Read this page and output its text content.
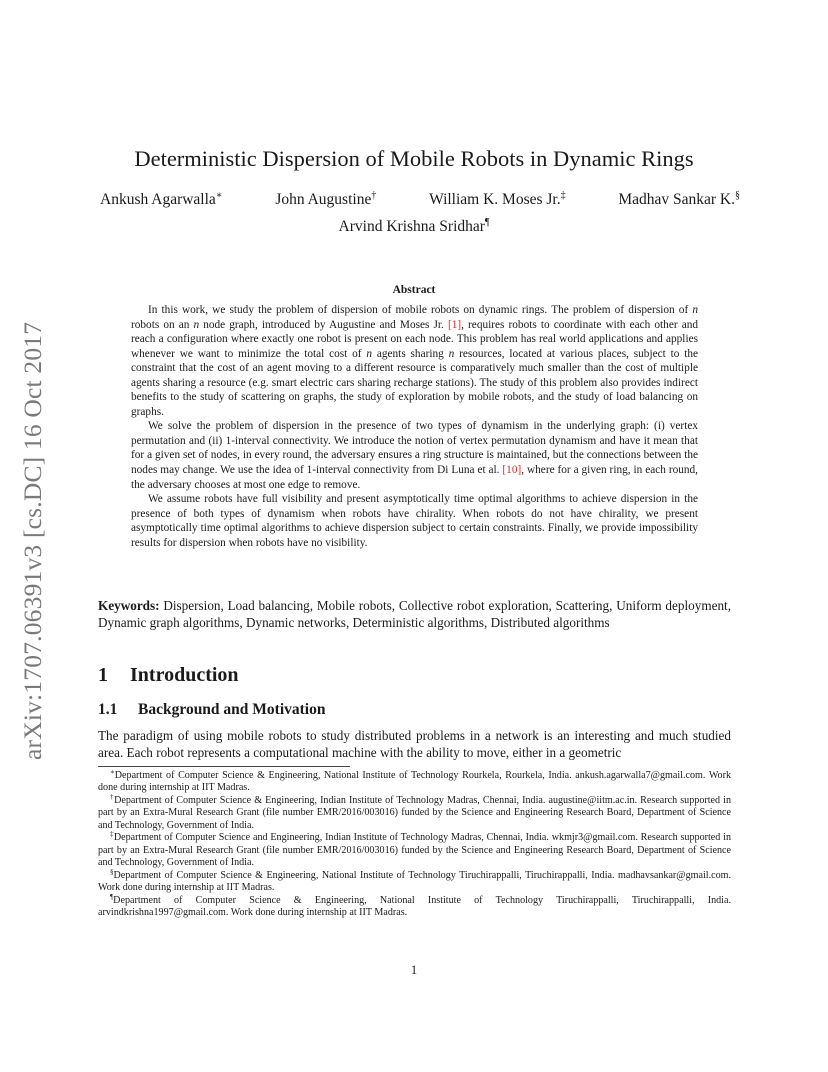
arXiv:1707.06391v3 [cs.DC] 16 Oct 2017
Deterministic Dispersion of Mobile Robots in Dynamic Rings
Ankush Agarwalla∗	John Augustine†	William K. Moses Jr.‡	Madhav Sankar K.§
Arvind Krishna Sridhar¶
Abstract

In this work, we study the problem of dispersion of mobile robots on dynamic rings. The problem of dispersion of n robots on an n node graph, introduced by Augustine and Moses Jr. [1], requires robots to coordinate with each other and reach a configuration where exactly one robot is present on each node. This problem has real world applications and applies whenever we want to minimize the total cost of n agents sharing n resources, located at various places, subject to the constraint that the cost of an agent moving to a different resource is comparatively much smaller than the cost of multiple agents sharing a resource (e.g. smart electric cars sharing recharge stations). The study of this problem also provides indirect benefits to the study of scattering on graphs, the study of exploration by mobile robots, and the study of load balancing on graphs.

We solve the problem of dispersion in the presence of two types of dynamism in the underlying graph: (i) vertex permutation and (ii) 1-interval connectivity. We introduce the notion of vertex permutation dynamism and have it mean that for a given set of nodes, in every round, the adversary ensures a ring structure is maintained, but the connections between the nodes may change. We use the idea of 1-interval connectivity from Di Luna et al. [10], where for a given ring, in each round, the adversary chooses at most one edge to remove.

We assume robots have full visibility and present asymptotically time optimal algorithms to achieve dispersion in the presence of both types of dynamism when robots have chirality. When robots do not have chirality, we present asymptotically time optimal algorithms to achieve dispersion subject to certain constraints. Finally, we provide impossibility results for dispersion when robots have no visibility.

Keywords: Dispersion, Load balancing, Mobile robots, Collective robot exploration, Scattering, Uniform deployment, Dynamic graph algorithms, Dynamic networks, Deterministic algorithms, Distributed algorithms
1 Introduction
1.1 Background and Motivation

The paradigm of using mobile robots to study distributed problems in a network is an interesting and much studied area. Each robot represents a computational machine with the ability to move, either in a geometric

∗Department of Computer Science & Engineering, National Institute of Technology Rourkela, Rourkela, India. ankush.agarwalla7@gmail.com. Work done during internship at IIT Madras.

†Department of Computer Science & Engineering, Indian Institute of Technology Madras, Chennai, India. augustine@iitm.ac.in. Research supported in part by an Extra-Mural Research Grant (file number EMR/2016/003016) funded by the Science and Engineering Research Board, Department of Science and Technology, Government of India.

‡Department of Computer Science and Engineering, Indian Institute of Technology Madras, Chennai, India. wkmjr3@gmail.com. Research supported in part by an Extra-Mural Research Grant (file number EMR/2016/003016) funded by the Science and Engineering Research Board, Department of Science and Technology, Government of India.

§Department of Computer Science & Engineering, National Institute of Technology Tiruchirappalli, Tiruchirappalli, India. madhavsankar@gmail.com. Work done during internship at IIT Madras.

¶Department of Computer Science & Engineering, National Institute of Technology Tiruchirappalli, Tiruchirappalli, India. arvindkrishna1997@gmail.com. Work done during internship at IIT Madras.

1
